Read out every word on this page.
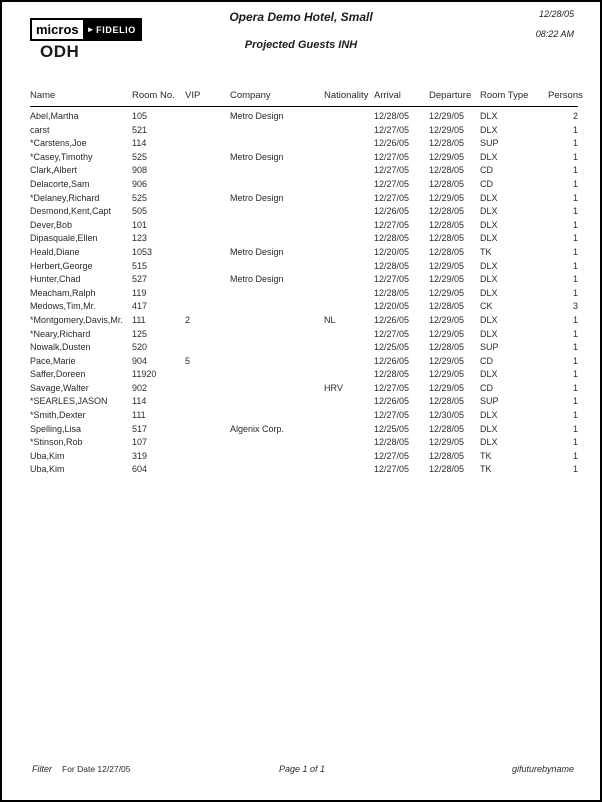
micros	► FIDELIO
ODH
Opera Demo Hotel, Small
Projected Guests INH
12/28/05
08:22 AM
Name	Room No.	VIP	Company	Nationality	Arrival	Departure	Room Type	Persons
Abel,Martha	105		Metro Design		12/28/05	12/29/05	DLX	2
carst	521				12/27/05	12/29/05	DLX	1
*Carstens,Joe	114				12/26/05	12/28/05	SUP	1
*Casey,Timothy	525		Metro Design		12/27/05	12/29/05	DLX	1
Clark,Albert	908				12/27/05	12/28/05	CD	1
Delacorte,Sam	906				12/27/05	12/28/05	CD	1
*Delaney,Richard	525		Metro Design		12/27/05	12/29/05	DLX	1
Desmond,Kent,Capt	505				12/26/05	12/28/05	DLX	1
Dever,Bob	101				12/27/05	12/28/05	DLX	1
Dipasquale,Ellen	123				12/28/05	12/28/05	DLX	1
Heald,Diane	1053		Metro Design		12/20/05	12/28/05	TK	1
Herbert,George	515				12/28/05	12/29/05	DLX	1
Hunter,Chad	527		Metro Design		12/27/05	12/29/05	DLX	1
Meacham,Ralph	119				12/28/05	12/29/05	DLX	1
Medows,Tim,Mr.	417				12/20/05	12/28/05	CK	3
*Montgomery,Davis,Mr.	111	2		NL	12/26/05	12/29/05	DLX	1
*Neary,Richard	125				12/27/05	12/29/05	DLX	1
Nowalk,Dusten	520				12/25/05	12/28/05	SUP	1
Pace,Marie	904	5			12/26/05	12/29/05	CD	1
Saffer,Doreen	11920				12/28/05	12/29/05	DLX	1
Savage,Walter	902			HRV	12/27/05	12/29/05	CD	1
*SEARLES,JASON	114				12/26/05	12/28/05	SUP	1
*Smith,Dexter	111				12/27/05	12/30/05	DLX	1
Spelling,Lisa	517		Algenix Corp.		12/25/05	12/28/05	DLX	1
*Stinson,Rob	107				12/28/05	12/29/05	DLX	1
Uba,Kim	319				12/27/05	12/28/05	TK	1
Uba,Kim	604				12/27/05	12/28/05	TK	1
Filter For Date 12/27/05	Page 1 of 1	gifuturebyname
